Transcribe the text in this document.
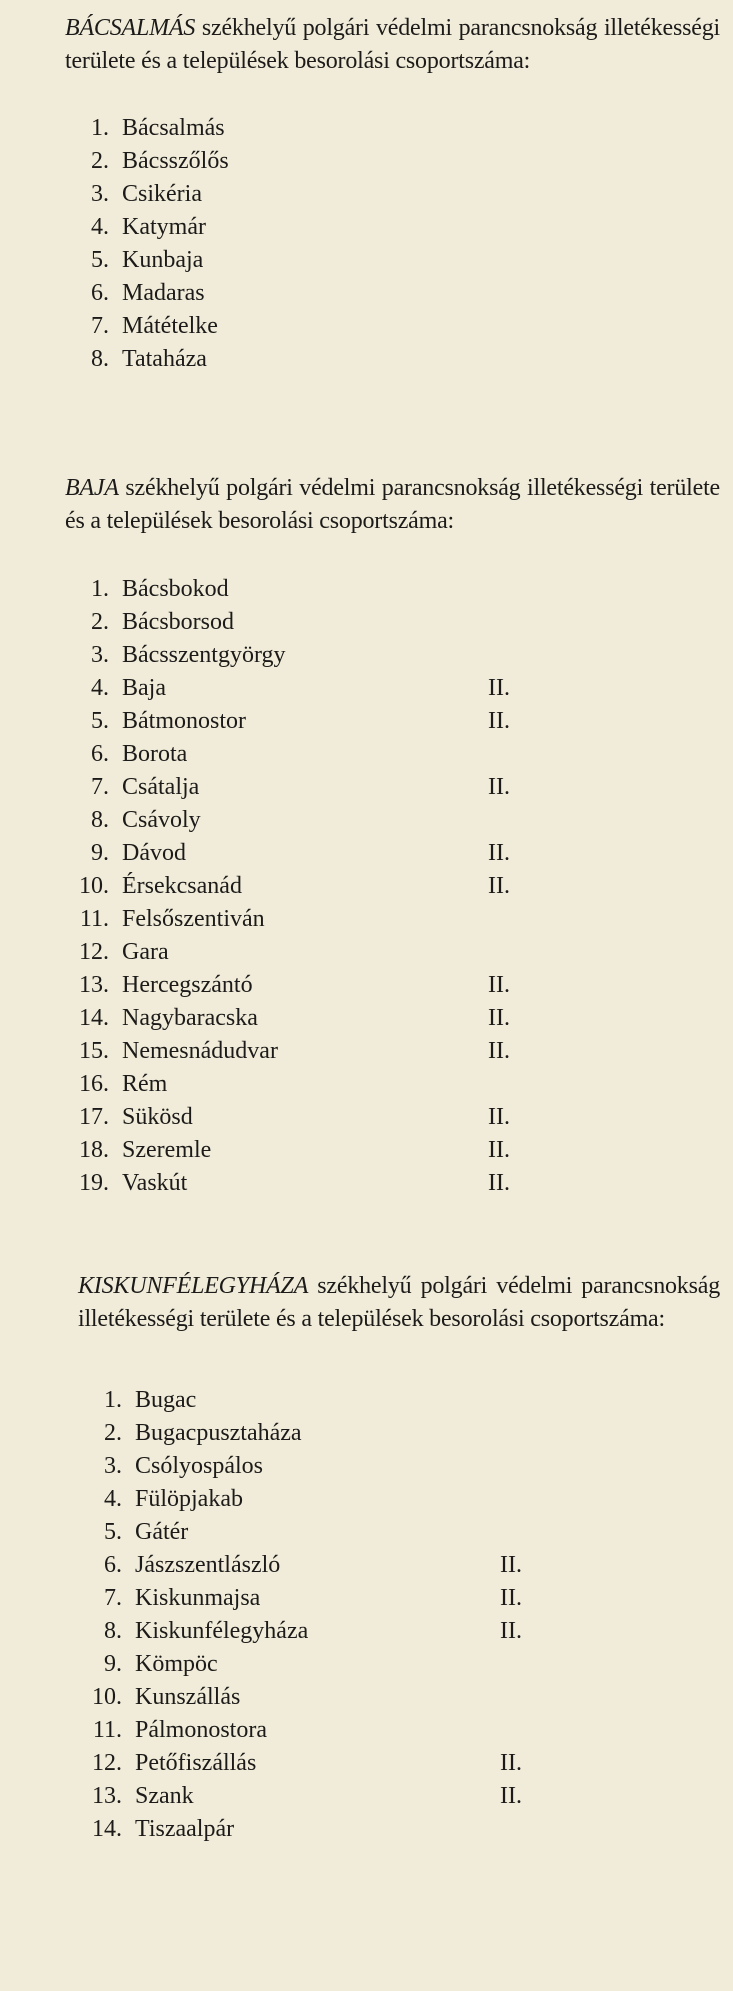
BÁCSALMÁS székhelyű polgári védelmi parancsnokság illetékességi területe és a települések besorolási csoportszáma:

1. Bácsalmás
2. Bácsszőlős
3. Csikéria
4. Katymár
5. Kunbaja
6. Madaras
7. Mátételke
8. Tataháza

BAJA székhelyű polgári védelmi parancsnokság illetékességi területe és a települések besorolási csoportszáma:

1. Bácsbokod
2. Bácsborsod
3. Bácsszentgyörgy
4. Baja	II.
5. Bátmonostor	II.
6. Borota
7. Csátalja	II.
8. Csávoly
9. Dávod	II.
10. Érsekcsanád	II.
11. Felsőszentiván
12. Gara
13. Hercegszántó	II.
14. Nagybaracska	II.
15. Nemesnádudvar	II.
16. Rém
17. Sükösd	II.
18. Szeremle	II.
19. Vaskút	II.

KISKUNFÉLEGYHÁZA székhelyű polgári védelmi parancsnokság illetékességi területe és a települések besorolási csoportszáma:

1. Bugac
2. Bugacpusztaháza
3. Csólyospálos
4. Fülöpjakab
5. Gátér
6. Jászszentlászló	II.
7. Kiskunmajsa	II.
8. Kiskunfélegyháza	II.
9. Kömpöc
10. Kunszállás
11. Pálmonostora
12. Petőfiszállás	II.
13. Szank	II.
14. Tiszaalpár
